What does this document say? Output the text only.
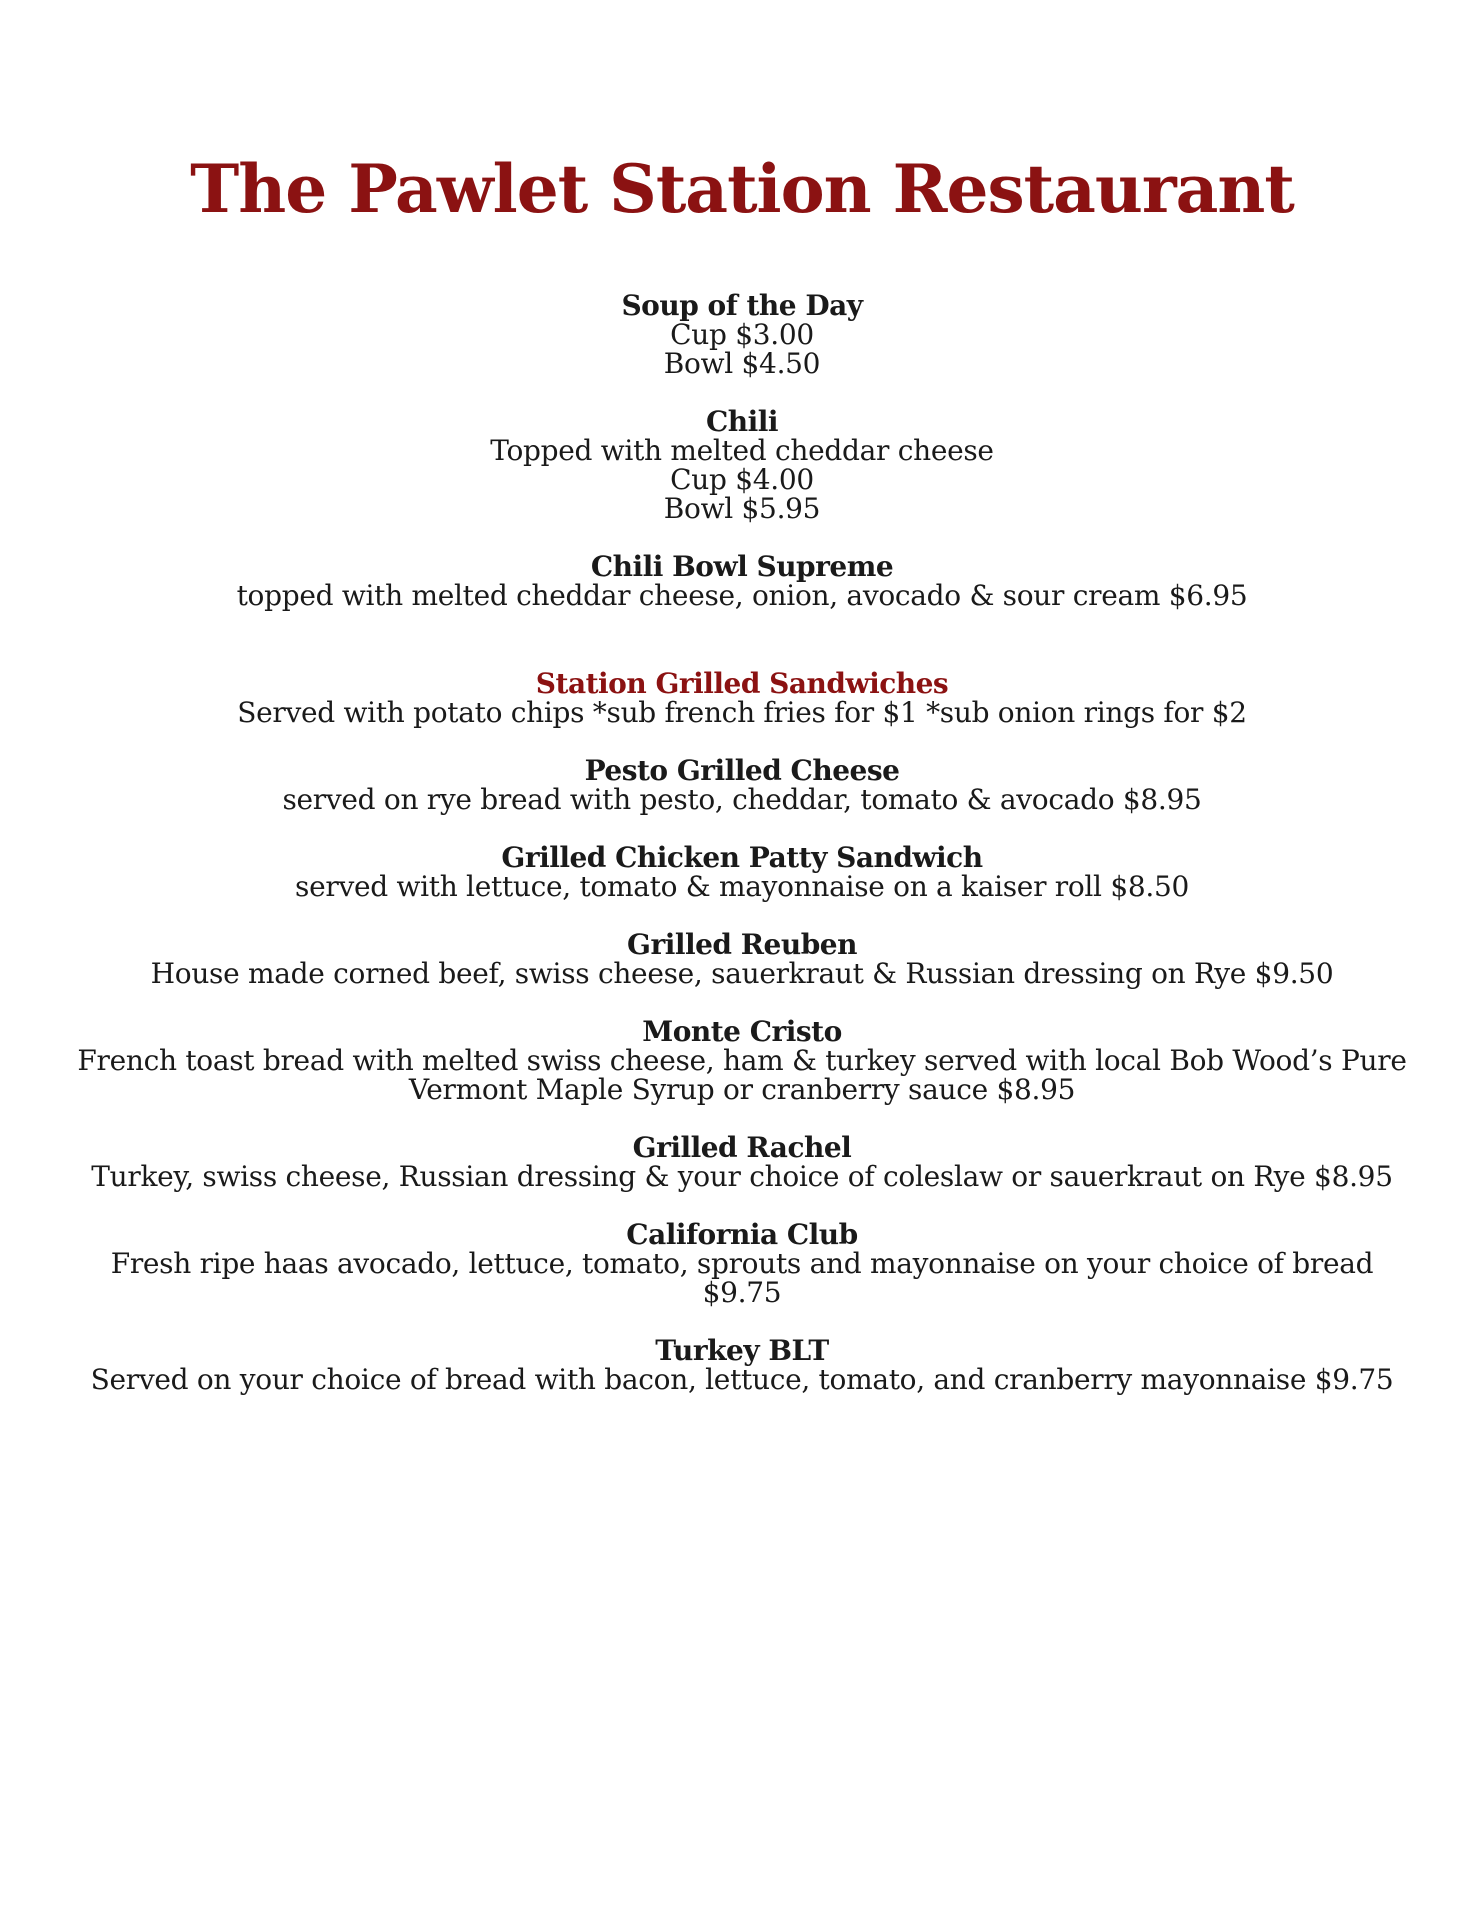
The Pawlet Station Restaurant
Soup of the Day
Cup $3.00
Bowl $4.50
Chili
Topped with melted cheddar cheese
Cup $4.00
Bowl $5.95
Chili Bowl Supreme
topped with melted cheddar cheese, onion, avocado & sour cream $6.95
Station Grilled Sandwiches
Served with potato chips *sub french fries for $1 *sub onion rings for $2
Pesto Grilled Cheese
served on rye bread with pesto, cheddar, tomato & avocado $8.95
Grilled Chicken Patty Sandwich
served with lettuce, tomato & mayonnaise on a kaiser roll $8.50
Grilled Reuben
House made corned beef, swiss cheese, sauerkraut & Russian dressing on Rye $9.50
Monte Cristo
French toast bread with melted swiss cheese, ham & turkey served with local Bob Wood’s Pure Vermont Maple Syrup or cranberry sauce $8.95
Grilled Rachel
Turkey, swiss cheese, Russian dressing & your choice of coleslaw or sauerkraut on Rye $8.95
California Club
Fresh ripe haas avocado, lettuce, tomato, sprouts and mayonnaise on your choice of bread $9.75
Turkey BLT
Served on your choice of bread with bacon, lettuce, tomato, and cranberry mayonnaise $9.75
